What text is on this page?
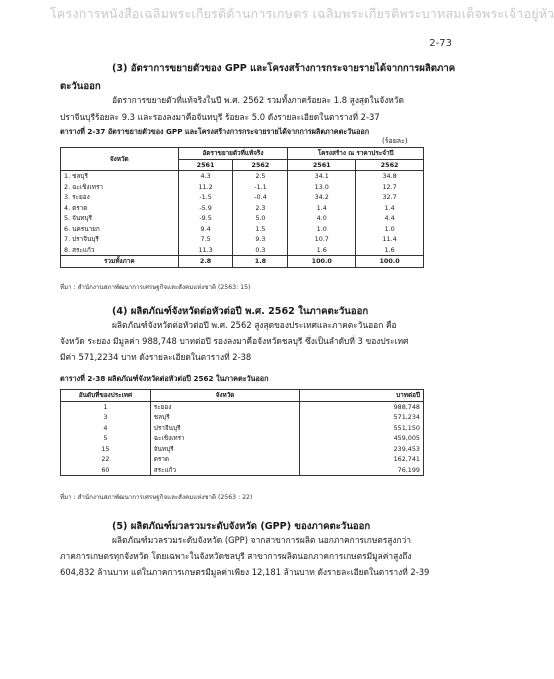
โครงการหนังสือเฉลิมพระเกียรติด้านการเกษตร เฉลิมพระเกียรติพระบาทสมเด็จพระเจ้าอยู่หัว
2-73
(3) อัตราการขยายตัวของ GPP และโครงสร้างการกระจายรายได้จากการผลิตภาค
ตะวันออก
อัตราการขยายตัวที่แท้จริงในปี พ.ศ. 2562 รวมทั้งภาคร้อยละ 1.8 สูงสุดในจังหวัด
ปราจีนบุรีร้อยละ 9.3 และรองลงมาคือจันทบุรี ร้อยละ 5.0 ดังรายละเอียดในตารางที่ 2-37
(ร้อยละ)
ตารางที่ 2-37 อัตราขยายตัวของ GPP และโครงสร้างการกระจายรายได้จากการผลิตภาคตะวันออก
จังหวัด	อัตราขยายตัวที่แท้จริง		โครงสร้าง ณ ราคาประจำปี	
	2561	2562	2561	2562
1. ชลบุรี	4.3	2.5	34.1	34.8
2. ฉะเชิงเทรา	11.2	-1.1	13.0	12.7
3. ระยอง	-1.5	-0.4	34.2	32.7
4. ตราด	-5.9	2.3	1.4	1.4
5. จันทบุรี	-9.5	5.0	4.0	4.4
6. นครนายก	9.4	1.5	1.0	1.0
7. ปราจีนบุรี	7.5	9.3	10.7	11.4
8. สระแก้ว	11.3	0.3	1.6	1.6
รวมทั้งภาค	2.8	1.8	100.0	100.0
ที่มา : สำนักงานสภาพัฒนาการเศรษฐกิจและสังคมแห่งชาติ (2563: 15)
(4) ผลิตภัณฑ์จังหวัดต่อหัวต่อปี พ.ศ. 2562 ในภาคตะวันออก
ผลิตภัณฑ์จังหวัดต่อหัวต่อปี พ.ศ. 2562 สูงสุดของประเทศและภาคตะวันออก คือ
จังหวัด ระยอง มีมูลค่า 988,748 บาทต่อปี รองลงมาคือจังหวัดชลบุรี ซึ่งเป็นลำดับที่ 3 ของประเทศ
มีค่า 571,2234 บาท ดังรายละเอียดในตารางที่ 2-38
ตารางที่ 2-38 ผลิตภัณฑ์จังหวัดต่อหัวต่อปี 2562 ในภาคตะวันออก
อันดับที่ของประเทศ	จังหวัด	บาทต่อปี
1	ระยอง	988,748
3	ชลบุรี	571,234
4	ปราจีนบุรี	551,150
5	ฉะเชิงเทรา	459,005
15	จันทบุรี	239,453
22	ตราด	162,741
60	สระแก้ว	76,199
ที่มา : สำนักงานสภาพัฒนาการเศรษฐกิจและสังคมแห่งชาติ (2563 : 22)
(5) ผลิตภัณฑ์มวลรวมระดับจังหวัด (GPP) ของภาคตะวันออก
ผลิตภัณฑ์มวลรวมระดับจังหวัด (GPP) จากสาขาการผลิต นอกภาคการเกษตรสูงกว่า
ภาคการเกษตรทุกจังหวัด โดยเฉพาะในจังหวัดชลบุรี สาขาการผลิตนอกภาคการเกษตรมีมูลค่าสูงถึง
604,832 ล้านบาท แต่ในภาคการเกษตรมีมูลค่าเพียง 12,181 ล้านบาท ดังรายละเอียดในตารางที่ 2-39
